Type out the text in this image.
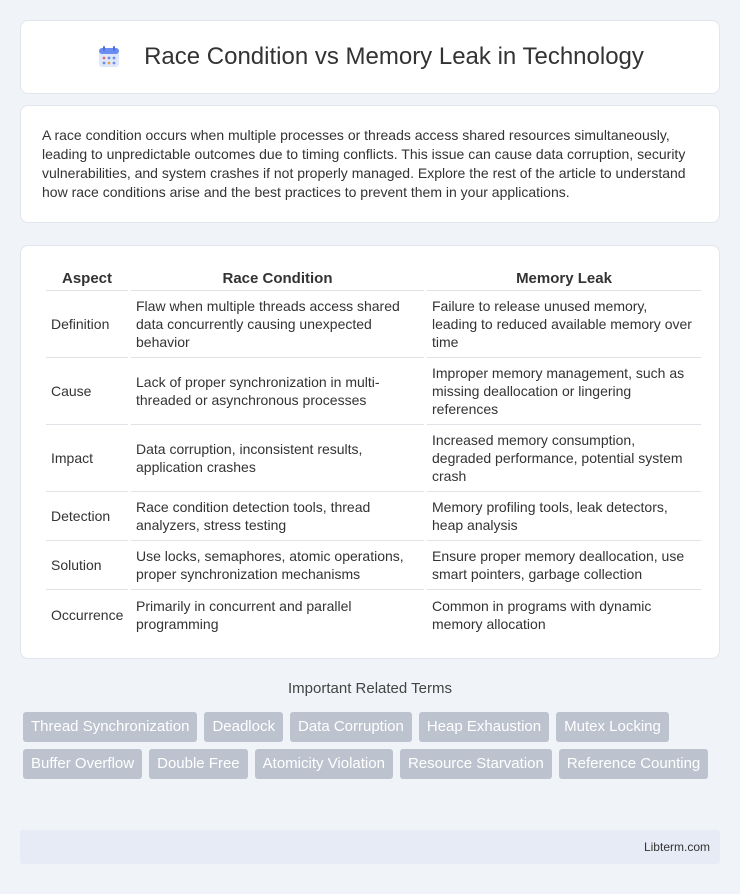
Race Condition vs Memory Leak in Technology

A race condition occurs when multiple processes or threads access shared resources simultaneously, leading to unpredictable outcomes due to timing conflicts. This issue can cause data corruption, security vulnerabilities, and system crashes if not properly managed. Explore the rest of the article to understand how race conditions arise and the best practices to prevent them in your applications.

Aspect	Race Condition	Memory Leak
Definition	Flaw when multiple threads access shared data concurrently causing unexpected behavior	Failure to release unused memory, leading to reduced available memory over time
Cause	Lack of proper synchronization in multi-threaded or asynchronous processes	Improper memory management, such as missing deallocation or lingering references
Impact	Data corruption, inconsistent results, application crashes	Increased memory consumption, degraded performance, potential system crash
Detection	Race condition detection tools, thread analyzers, stress testing	Memory profiling tools, leak detectors, heap analysis
Solution	Use locks, semaphores, atomic operations, proper synchronization mechanisms	Ensure proper memory deallocation, use smart pointers, garbage collection
Occurrence	Primarily in concurrent and parallel programming	Common in programs with dynamic memory allocation
Important Related Terms
Thread Synchronization	Deadlock	Data Corruption	Heap Exhaustion	Mutex Locking
Buffer Overflow	Double Free	Atomicity Violation	Resource Starvation	Reference Counting
Libterm.com
